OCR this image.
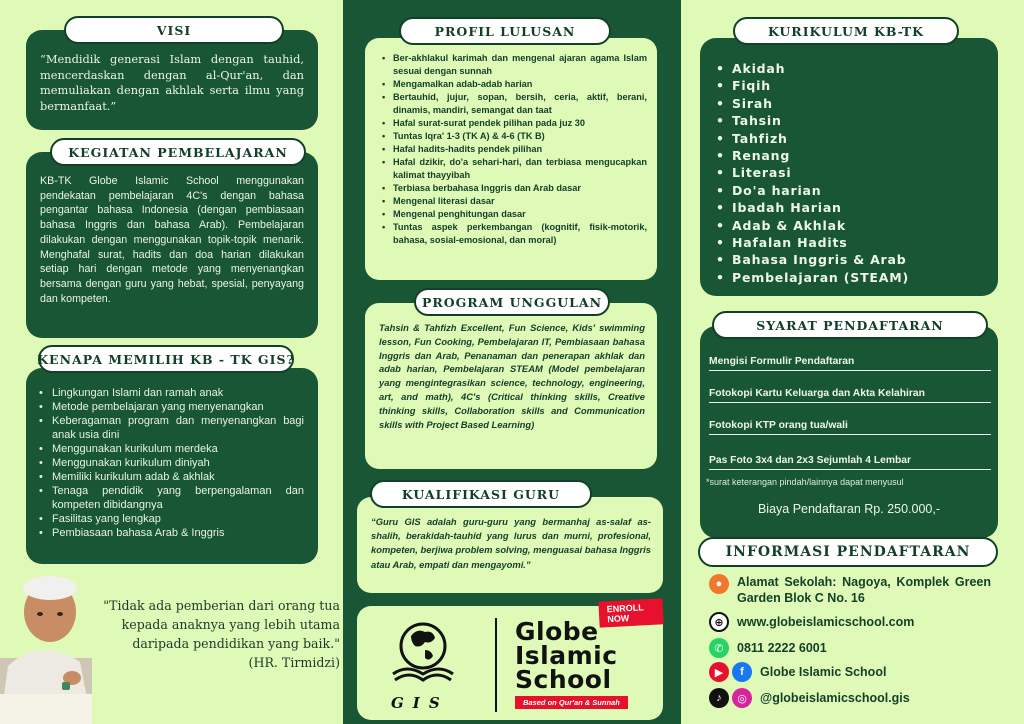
“Mendidik generasi Islam dengan tauhid, mencerdaskan dengan al-Qur'an, dan memuliakan dengan akhlak serta ilmu yang bermanfaat.”

VISI

KB-TK Globe Islamic School menggunakan pendekatan pembelajaran 4C's dengan bahasa pengantar bahasa Indonesia (dengan pembiasaan bahasa Inggris dan bahasa Arab). Pembelajaran dilakukan dengan menggunakan topik-topik menarik. Menghafal surat, hadits dan doa harian dilakukan setiap hari dengan metode yang menyenangkan bersama dengan guru yang hebat, spesial, penyayang dan kompeten.

KEGIATAN PEMBELAJARAN
• Lingkungan Islami dan ramah anak
• Metode pembelajaran yang menyenangkan
• Keberagaman program dan menyenangkan bagi anak usia dini
• Menggunakan kurikulum merdeka
• Menggunakan kurikulum diniyah
• Memiliki kurikulum adab & akhlak
• Tenaga pendidik yang berpengalaman dan kompeten dibidangnya
• Fasilitas yang lengkap
• Pembiasaan bahasa Arab & Inggris
KENAPA MEMILIH KB - TK GIS?

"Tidak ada pemberian dari orang tua kepada anaknya yang lebih utama daripada pendidikan yang baik."

(HR. Tirmidzi)

• Ber-akhlakul karimah dan mengenal ajaran agama Islam sesuai dengan sunnah
• Mengamalkan adab-adab harian
• Bertauhid, jujur, sopan, bersih, ceria, aktif, berani, dinamis, mandiri, semangat dan taat
• Hafal surat-surat pendek pilihan pada juz 30
• Tuntas Iqra' 1-3 (TK A) & 4-6 (TK B)
• Hafal hadits-hadits pendek pilihan
• Hafal dzikir, do'a sehari-hari, dan terbiasa mengucapkan kalimat thayyibah
• Terbiasa berbahasa Inggris dan Arab dasar
• Mengenal literasi dasar
• Mengenal penghitungan dasar
• Tuntas aspek perkembangan (kognitif, fisik-motorik, bahasa, sosial-emosional, dan moral)
PROFIL LULUSAN

Tahsin & Tahfizh Excellent, Fun Science, Kids' swimming lesson, Fun Cooking, Pembelajaran IT, Pembiasaan bahasa Inggris dan Arab, Penanaman dan penerapan akhlak dan adab harian, Pembelajaran STEAM (Model pembelajaran yang mengintegrasikan science, technology, engineering, art, and math), 4C's (Critical thinking skills, Creative thinking skills, Collaboration skills and Communication skills with Project Based Learning)

PROGRAM UNGGULAN

“Guru GIS adalah guru-guru yang bermanhaj as-salaf as-shalih, berakidah-tauhid yang lurus dan murni, profesional, kompeten, berjiwa problem solving, menguasai bahasa Inggris atau Arab, empati dan mengayomi.”

KUALIFIKASI GURU
GIS
ENROLL NOW
Globe
Islamic
School
Based on Qur'an & Sunnah
• Akidah
• Fiqih
• Sirah
• Tahsin
• Tahfizh
• Renang
• Literasi
• Do'a harian
• Ibadah Harian
• Adab & Akhlak
• Hafalan Hadits
• Bahasa Inggris & Arab
• Pembelajaran (STEAM)
KURIKULUM KB-TK
SYARAT PENDAFTARAN
Mengisi Formulir Pendaftaran
Fotokopi Kartu Keluarga dan Akta Kelahiran
Fotokopi KTP orang tua/wali
Pas Foto 3x4 dan 2x3 Sejumlah 4 Lembar
*surat keterangan pindah/lainnya dapat menyusul
Biaya Pendaftaran Rp. 250.000,-
INFORMASI PENDAFTARAN
●	Alamat Sekolah: Nagoya, Komplek Green Garden Blok C No. 16
⊕	www.globeislamicschool.com
✆	0811 2222 6001
▶	f	Globe Islamic School
♪	◎	@globeislamicschool.gis
